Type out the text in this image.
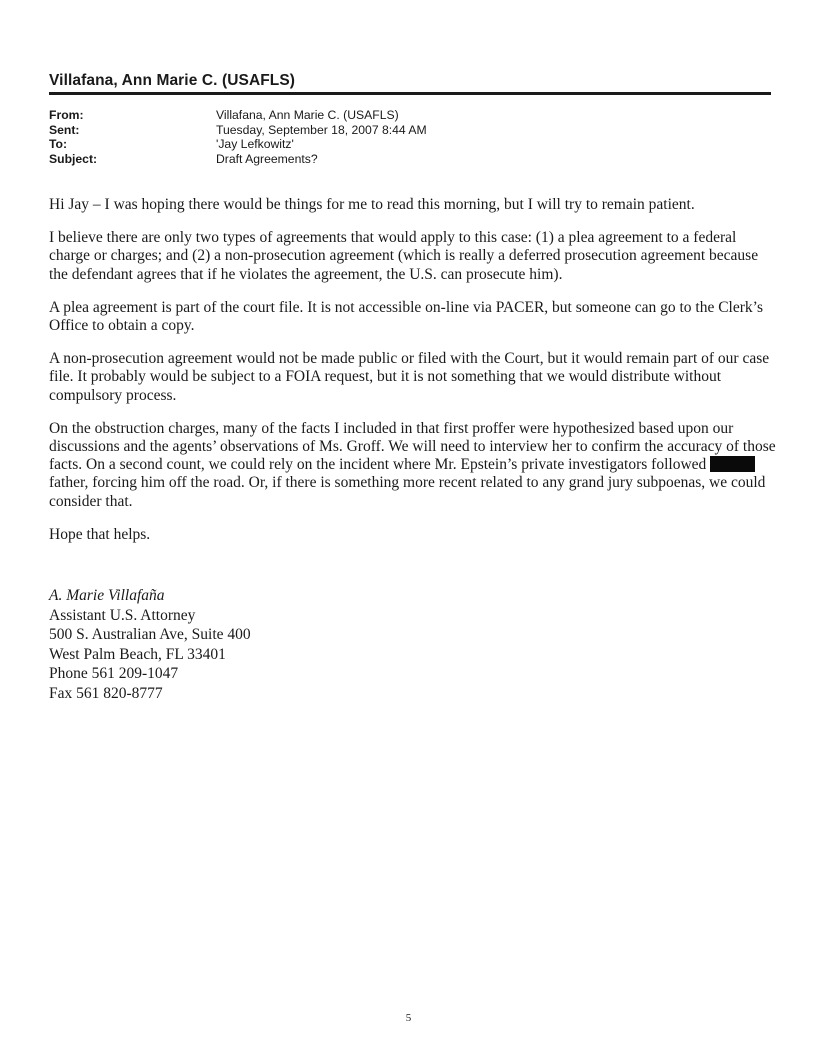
Villafana, Ann Marie C. (USAFLS)
From:	Villafana, Ann Marie C. (USAFLS)
Sent:	Tuesday, September 18, 2007 8:44 AM
To:	'Jay Lefkowitz'
Subject:	Draft Agreements?

Hi Jay – I was hoping there would be things for me to read this morning, but I will try to remain patient.

I believe there are only two types of agreements that would apply to this case: (1) a plea agreement to a federal charge or charges; and (2) a non-prosecution agreement (which is really a deferred prosecution agreement because the defendant agrees that if he violates the agreement, the U.S. can prosecute him).

A plea agreement is part of the court file. It is not accessible on-line via PACER, but someone can go to the Clerk’s Office to obtain a copy.

A non-prosecution agreement would not be made public or filed with the Court, but it would remain part of our case file. It probably would be subject to a FOIA request, but it is not something that we would distribute without compulsory process.

On the obstruction charges, many of the facts I included in that first proffer were hypothesized based upon our discussions and the agents’ observations of Ms. Groff. We will need to interview her to confirm the accuracy of those facts. On a second count, we could rely on the incident where Mr. Epstein’s private investigators followedfather, forcing him off the road. Or, if there is something more recent related to any grand jury subpoenas, we could consider that.

Hope that helps.

A. Marie Villafaña
Assistant U.S. Attorney
500 S. Australian Ave, Suite 400
West Palm Beach, FL 33401
Phone 561 209-1047
Fax 561 820-8777
5
